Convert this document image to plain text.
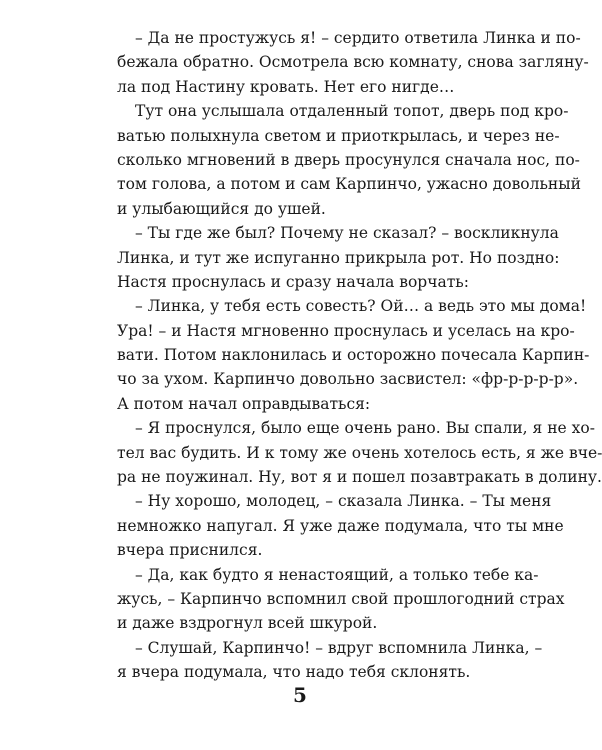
– Да не простужусь я! – сердито ответила Линка и по-
бежала обратно. Осмотрела всю комнату, снова загляну-
ла под Настину кровать. Нет его нигде…
Тут она услышала отдаленный топот, дверь под кро-
ватью полыхнула светом и приоткрылась, и через не-
сколько мгновений в дверь просунулся сначала нос, по-
том голова, а потом и сам Карпинчо, ужасно довольный
и улыбающийся до ушей.
– Ты где же был? Почему не сказал? – воскликнула
Линка, и тут же испуганно прикрыла рот. Но поздно:
Настя проснулась и сразу начала ворчать:
– Линка, у тебя есть совесть? Ой… а ведь это мы дома!
Ура! – и Настя мгновенно проснулась и уселась на кро-
вати. Потом наклонилась и осторожно почесала Карпин-
чо за ухом. Карпинчо довольно засвистел: «фр-р-р-р-р».
А потом начал оправдываться:
– Я проснулся, было еще очень рано. Вы спали, я не хо-
тел вас будить. И к тому же очень хотелось есть, я же вче-
ра не поужинал. Ну, вот я и пошел позавтракать в долину.
– Ну хорошо, молодец, – сказала Линка. – Ты меня
немножко напугал. Я уже даже подумала, что ты мне
вчера приснился.
– Да, как будто я ненастоящий, а только тебе ка-
жусь, – Карпинчо вспомнил свой прошлогодний страх
и даже вздрогнул всей шкурой.
– Слушай, Карпинчо! – вдруг вспомнила Линка, –
я вчера подумала, что надо тебя склонять.
5
